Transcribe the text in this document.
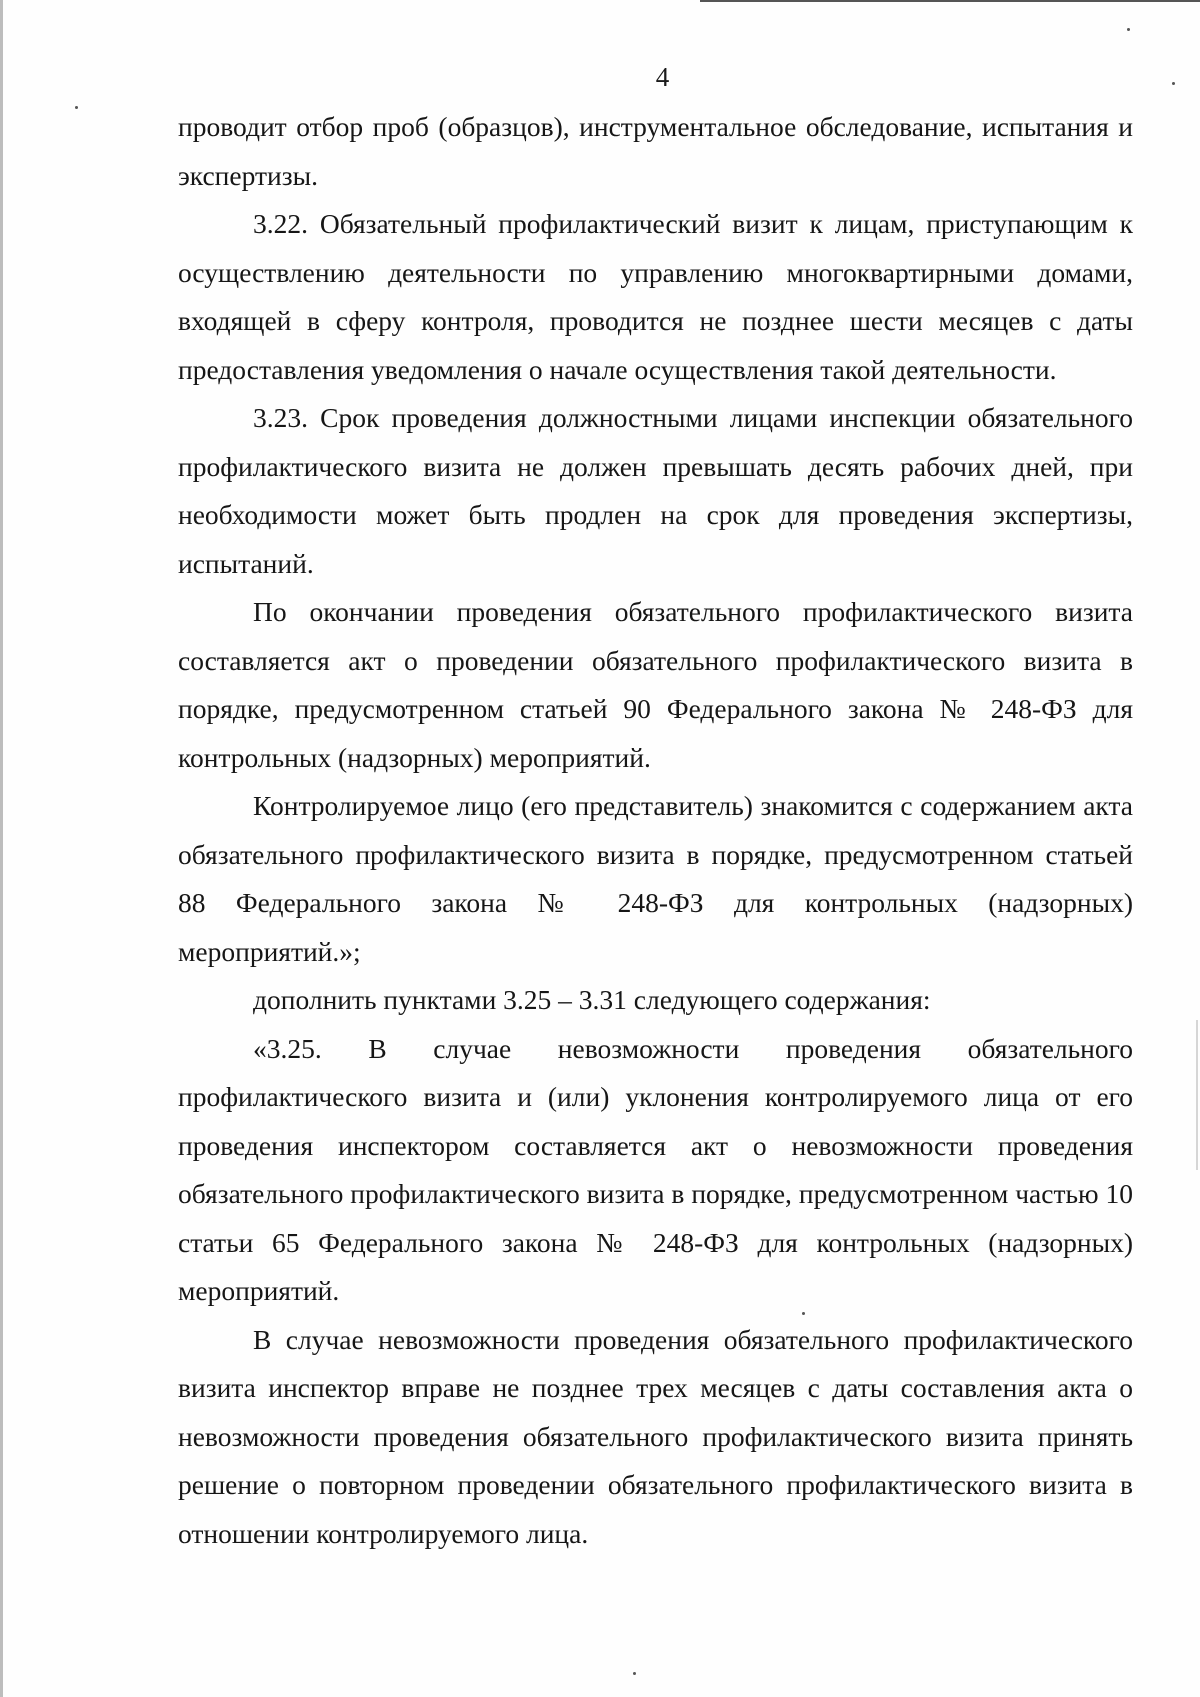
4

проводит отбор проб (образцов), инструментальное обследование, испытания и экспертизы.

3.22. Обязательный профилактический визит к лицам, приступающим к осуществлению деятельности по управлению многоквартирными домами, входящей в сферу контроля, проводится не позднее шести месяцев с даты предоставления уведомления о начале осуществления такой деятельности.

3.23. Срок проведения должностными лицами инспекции обязательного профилактического визита не должен превышать десять рабочих дней, при необходимости может быть продлен на срок для проведения экспертизы, испытаний.

По окончании проведения обязательного профилактического визита составляется акт о проведении обязательного профилактического визита в порядке, предусмотренном статьей 90 Федерального закона № 248-ФЗ для контрольных (надзорных) мероприятий.

Контролируемое лицо (его представитель) знакомится с содержанием акта обязательного профилактического визита в порядке, предусмотренном статьей 88 Федерального закона № 248-ФЗ для контрольных (надзорных) мероприятий.»;

дополнить пунктами 3.25 – 3.31 следующего содержания:

«3.25. В случае невозможности проведения обязательного профилактического визита и (или) уклонения контролируемого лица от его проведения инспектором составляется акт о невозможности проведения обязательного профилактического визита в порядке, предусмотренном частью 10 статьи 65 Федерального закона № 248-ФЗ для контрольных (надзорных) мероприятий.

В случае невозможности проведения обязательного профилактического визита инспектор вправе не позднее трех месяцев с даты составления акта о невозможности проведения обязательного профилактического визита принять решение о повторном проведении обязательного профилактического визита в отношении контролируемого лица.
